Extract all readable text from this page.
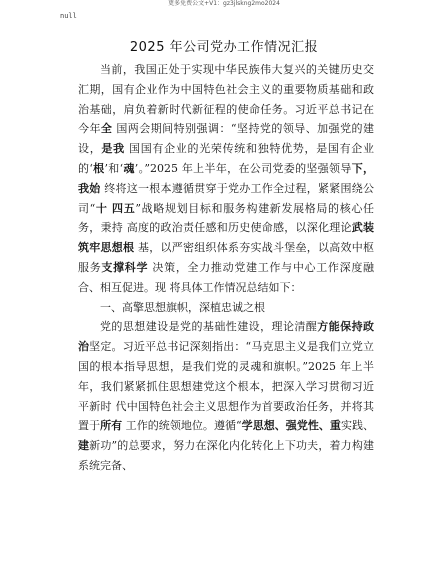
更多免费公文+V1：gz3jlskng2mo2024
null
2025 年公司党办工作情况汇报

当前，我国正处于实现中华民族伟大复兴的关键历史交汇期，国有企业作为中国特色社会主义的重要物质基础和政治基础，肩负着新时代新征程的使命任务。习近平总书记在今年全 国两会期间特别强调：“坚持党的领导、加强党的建设，是我 国国有企业的光荣传统和独特优势，是国有企业的‘根’和‘魂’。”2025 年上半年，在公司党委的坚强领导下，我始 终将这一根本遵循贯穿于党办工作全过程，紧紧围绕公司“十 四五”战略规划目标和服务构建新发展格局的核心任务，秉持 高度的政治责任感和历史使命感，以深化理论武装筑牢思想根 基，以严密组织体系夯实战斗堡垒，以高效中枢服务支撑科学 决策，全力推动党建工作与中心工作深度融合、相互促进。现 将具体工作情况总结如下：

一、高擎思想旗帜，深植忠诚之根

党的思想建设是党的基础性建设，理论清醒方能保持政治坚定。习近平总书记深刻指出：“马克思主义是我们立党立国的根本指导思想，是我们党的灵魂和旗帜。”2025 年上半年，我们紧紧抓住思想建党这个根本，把深入学习贯彻习近平新时 代中国特色社会主义思想作为首要政治任务，并将其置于所有 工作的统领地位。遵循“学思想、强党性、重实践、建新功”的总要求，努力在深化内化转化上下功夫，着力构建系统完备、
